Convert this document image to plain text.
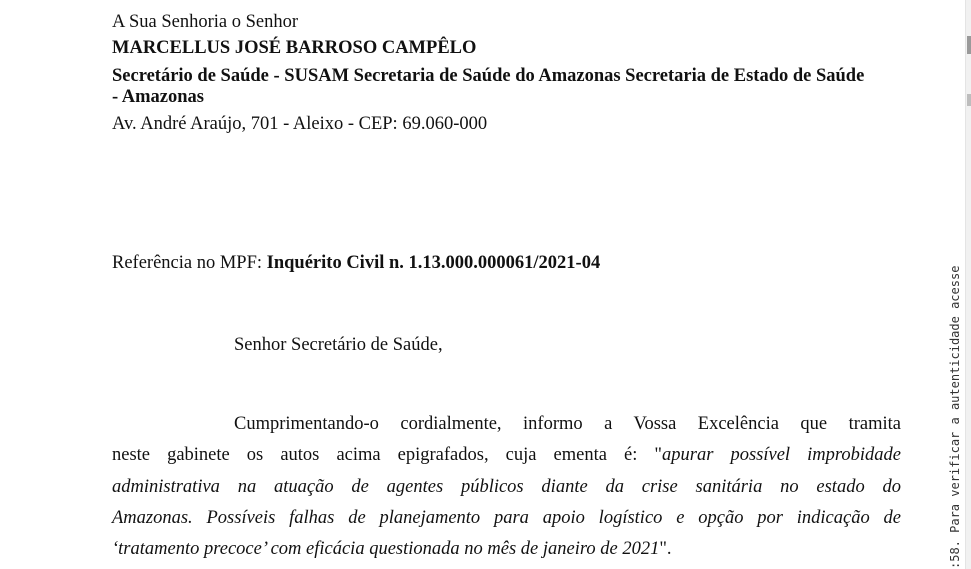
A Sua Senhoria o Senhor
MARCELLUS JOSÉ BARROSO CAMPÊLO
Secretário de Saúde - SUSAM Secretaria de Saúde do Amazonas Secretaria de Estado de Saúde
- Amazonas
Av. André Araújo, 701 - Aleixo - CEP: 69.060-000
Referência no MPF: Inquérito Civil n. 1.13.000.000061/2021-04
Senhor Secretário de Saúde,
Cumprimentando-o cordialmente, informo a Vossa Excelência que tramita
neste gabinete os autos acima epigrafados, cuja ementa é: "apurar possível improbidade
administrativa na atuação de agentes públicos diante da crise sanitária no estado do
Amazonas. Possíveis falhas de planejamento para apoio logístico e opção por indicação de
‘tratamento precoce’ com eficácia questionada no mês de janeiro de 2021".	:58. Para verificar a autenticidade acesse
